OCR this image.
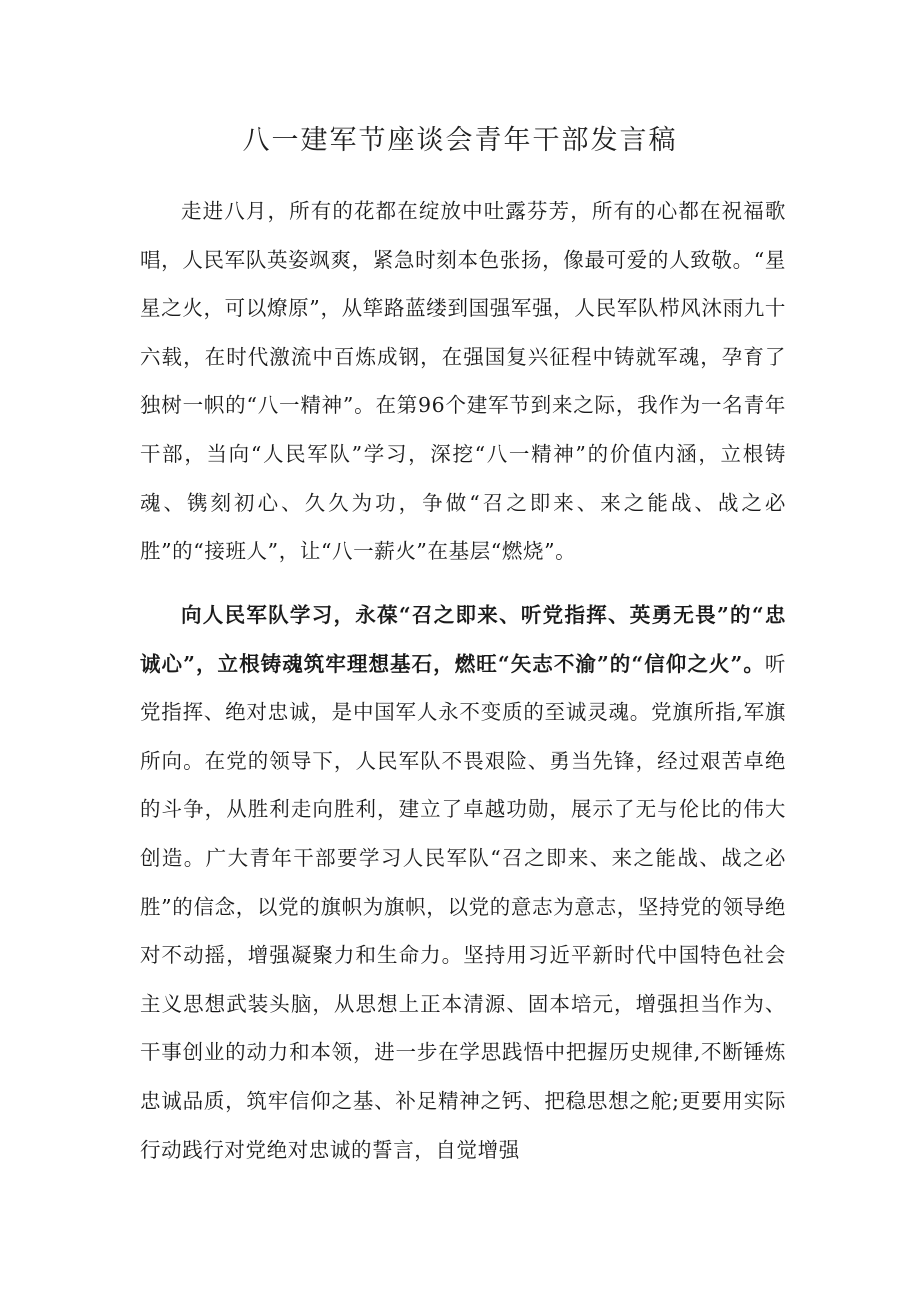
八一建军节座谈会青年干部发言稿

走进八月，所有的花都在绽放中吐露芬芳，所有的心都在祝福歌唱，人民军队英姿飒爽，紧急时刻本色张扬，像最可爱的人致敬。“星星之火，可以燎原”，从筚路蓝缕到国强军强，人民军队栉风沐雨九十六载，在时代激流中百炼成钢，在强国复兴征程中铸就军魂，孕育了独树一帜的“八一精神”。在第96个建军节到来之际，我作为一名青年干部，当向“人民军队”学习，深挖“八一精神”的价值内涵，立根铸魂、镌刻初心、久久为功，争做“召之即来、来之能战、战之必胜”的“接班人”，让“八一薪火”在基层“燃烧”。

向人民军队学习，永葆“召之即来、听党指挥、英勇无畏”的“忠诚心”，立根铸魂筑牢理想基石，燃旺“矢志不渝”的“信仰之火”。听党指挥、绝对忠诚，是中国军人永不变质的至诚灵魂。党旗所指,军旗所向。在党的领导下，人民军队不畏艰险、勇当先锋，经过艰苦卓绝的斗争，从胜利走向胜利，建立了卓越功勋，展示了无与伦比的伟大创造。广大青年干部要学习人民军队“召之即来、来之能战、战之必胜”的信念，以党的旗帜为旗帜，以党的意志为意志，坚持党的领导绝对不动摇，增强凝聚力和生命力。坚持用习近平新时代中国特色社会主义思想武装头脑，从思想上正本清源、固本培元，增强担当作为、干事创业的动力和本领，进一步在学思践悟中把握历史规律,不断锤炼忠诚品质，筑牢信仰之基、补足精神之钙、把稳思想之舵;更要用实际行动践行对党绝对忠诚的誓言，自觉增强
